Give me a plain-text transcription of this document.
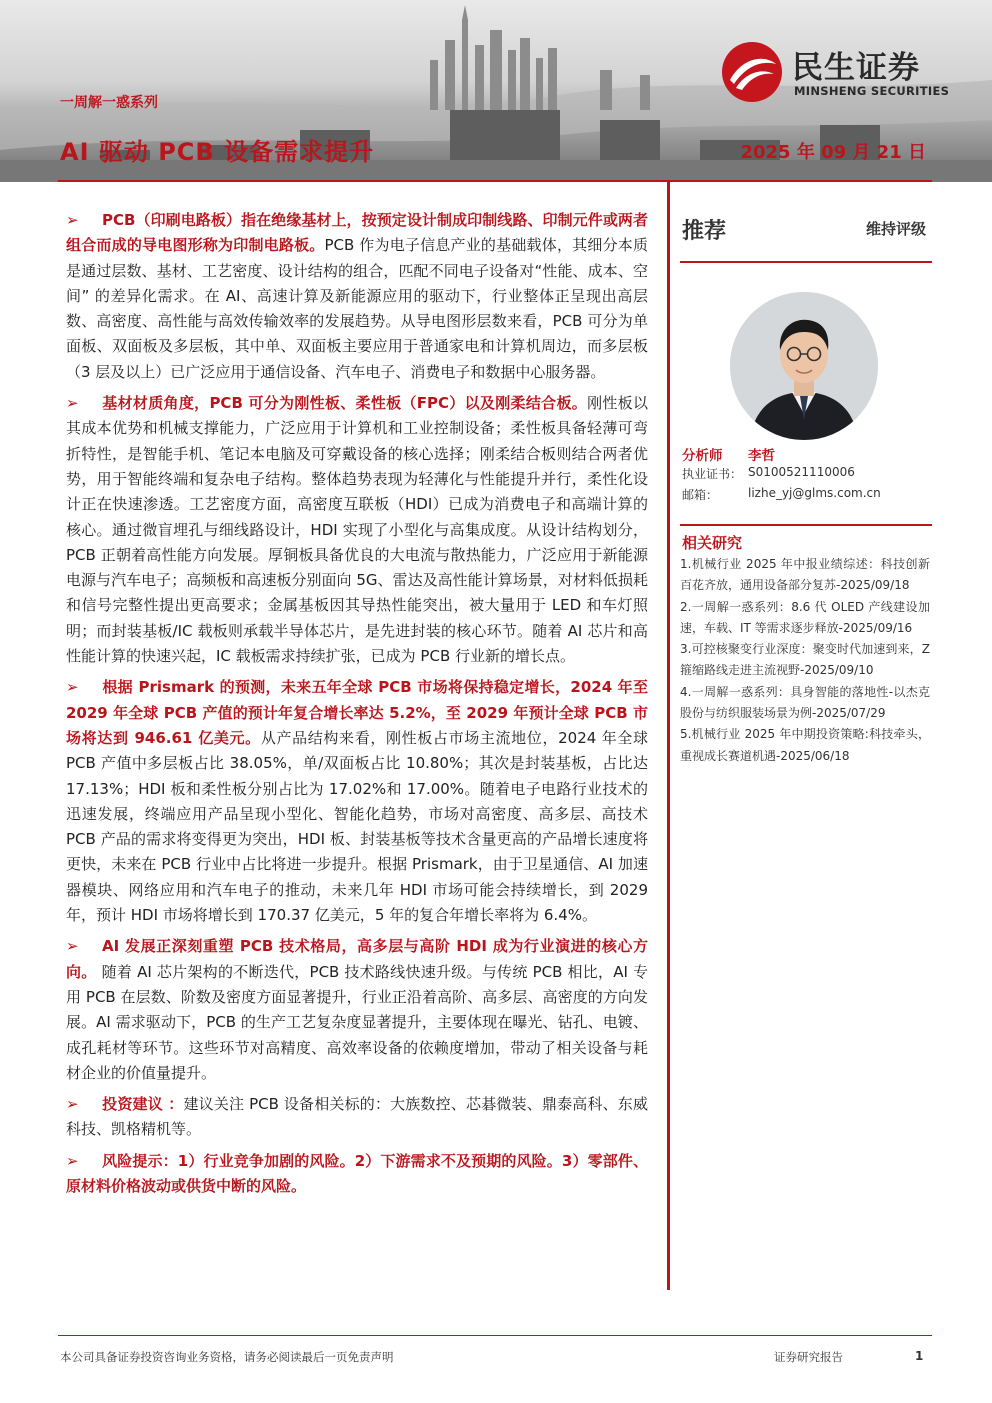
一周解一惑系列
AI 驱动 PCB 设备需求提升	2025 年 09 月 21 日
民生证券
MINSHENG SECURITIES

➢ PCB（印刷电路板）指在绝缘基材上，按预定设计制成印制线路、印制元件或两者组合而成的导电图形称为印制电路板。PCB 作为电子信息产业的基础载体，其细分本质是通过层数、基材、工艺密度、设计结构的组合，匹配不同电子设备对“性能、成本、空间” 的差异化需求。在 AI、高速计算及新能源应用的驱动下，行业整体正呈现出高层数、高密度、高性能与高效传输效率的发展趋势。从导电图形层数来看，PCB 可分为单面板、双面板及多层板，其中单、双面板主要应用于普通家电和计算机周边，而多层板（3 层及以上）已广泛应用于通信设备、汽车电子、消费电子和数据中心服务器。

➢ 基材材质角度，PCB 可分为刚性板、柔性板（FPC）以及刚柔结合板。刚性板以其成本优势和机械支撑能力，广泛应用于计算机和工业控制设备；柔性板具备轻薄可弯折特性，是智能手机、笔记本电脑及可穿戴设备的核心选择；刚柔结合板则结合两者优势，用于智能终端和复杂电子结构。整体趋势表现为轻薄化与性能提升并行，柔性化设计正在快速渗透。工艺密度方面，高密度互联板（HDI）已成为消费电子和高端计算的核心。通过微盲埋孔与细线路设计，HDI 实现了小型化与高集成度。从设计结构划分，PCB 正朝着高性能方向发展。厚铜板具备优良的大电流与散热能力，广泛应用于新能源电源与汽车电子；高频板和高速板分别面向 5G、雷达及高性能计算场景，对材料低损耗和信号完整性提出更高要求；金属基板因其导热性能突出，被大量用于 LED 和车灯照明；而封装基板/IC 载板则承载半导体芯片，是先进封装的核心环节。随着 AI 芯片和高性能计算的快速兴起，IC 载板需求持续扩张，已成为 PCB 行业新的增长点。

➢ 根据 Prismark 的预测，未来五年全球 PCB 市场将保持稳定增长，2024 年至 2029 年全球 PCB 产值的预计年复合增长率达 5.2%，至 2029 年预计全球 PCB 市场将达到 946.61 亿美元。从产品结构来看，刚性板占市场主流地位，2024 年全球 PCB 产值中多层板占比 38.05%，单/双面板占比 10.80%；其次是封装基板，占比达 17.13%；HDI 板和柔性板分别占比为 17.02%和 17.00%。随着电子电路行业技术的迅速发展，终端应用产品呈现小型化、智能化趋势，市场对高密度、高多层、高技术 PCB 产品的需求将变得更为突出，HDI 板、封装基板等技术含量更高的产品增长速度将更快，未来在 PCB 行业中占比将进一步提升。根据 Prismark，由于卫星通信、AI 加速器模块、网络应用和汽车电子的推动，未来几年 HDI 市场可能会持续增长，到 2029 年，预计 HDI 市场将增长到 170.37 亿美元，5 年的复合年增长率将为 6.4%。

➢ AI 发展正深刻重塑 PCB 技术格局，高多层与高阶 HDI 成为行业演进的核心方向。 随着 AI 芯片架构的不断迭代，PCB 技术路线快速升级。与传统 PCB 相比，AI 专用 PCB 在层数、阶数及密度方面显著提升，行业正沿着高阶、高多层、高密度的方向发展。AI 需求驱动下，PCB 的生产工艺复杂度显著提升，主要体现在曝光、钻孔、电镀、成孔耗材等环节。这些环节对高精度、高效率设备的依赖度增加，带动了相关设备与耗材企业的价值量提升。

➢ 投资建议 ：建议关注 PCB 设备相关标的：大族数控、芯碁微装、鼎泰高科、东威科技、凯格精机等。

➢ 风险提示：1）行业竞争加剧的风险。2）下游需求不及预期的风险。3）零部件、原材料价格波动或供货中断的风险。

推荐	维持评级
分析师 李哲
执业证书： S0100521110006
邮箱： lizhe_yj@glms.com.cn
相关研究
1.机械行业 2025 年中报业绩综述：科技创新百花齐放，通用设备部分复苏-2025/09/18
2.一周解一惑系列：8.6 代 OLED 产线建设加速，车载、IT 等需求逐步释放-2025/09/16
3.可控核聚变行业深度：聚变时代加速到来，Z 箍缩路线走进主流视野-2025/09/10
4.一周解一惑系列：具身智能的落地性-以杰克股份与纺织服装场景为例-2025/07/29
5.机械行业 2025 年中期投资策略:科技牵头，重视成长赛道机遇-2025/06/18
本公司具备证券投资咨询业务资格，请务必阅读最后一页免责声明	证券研究报告	1
